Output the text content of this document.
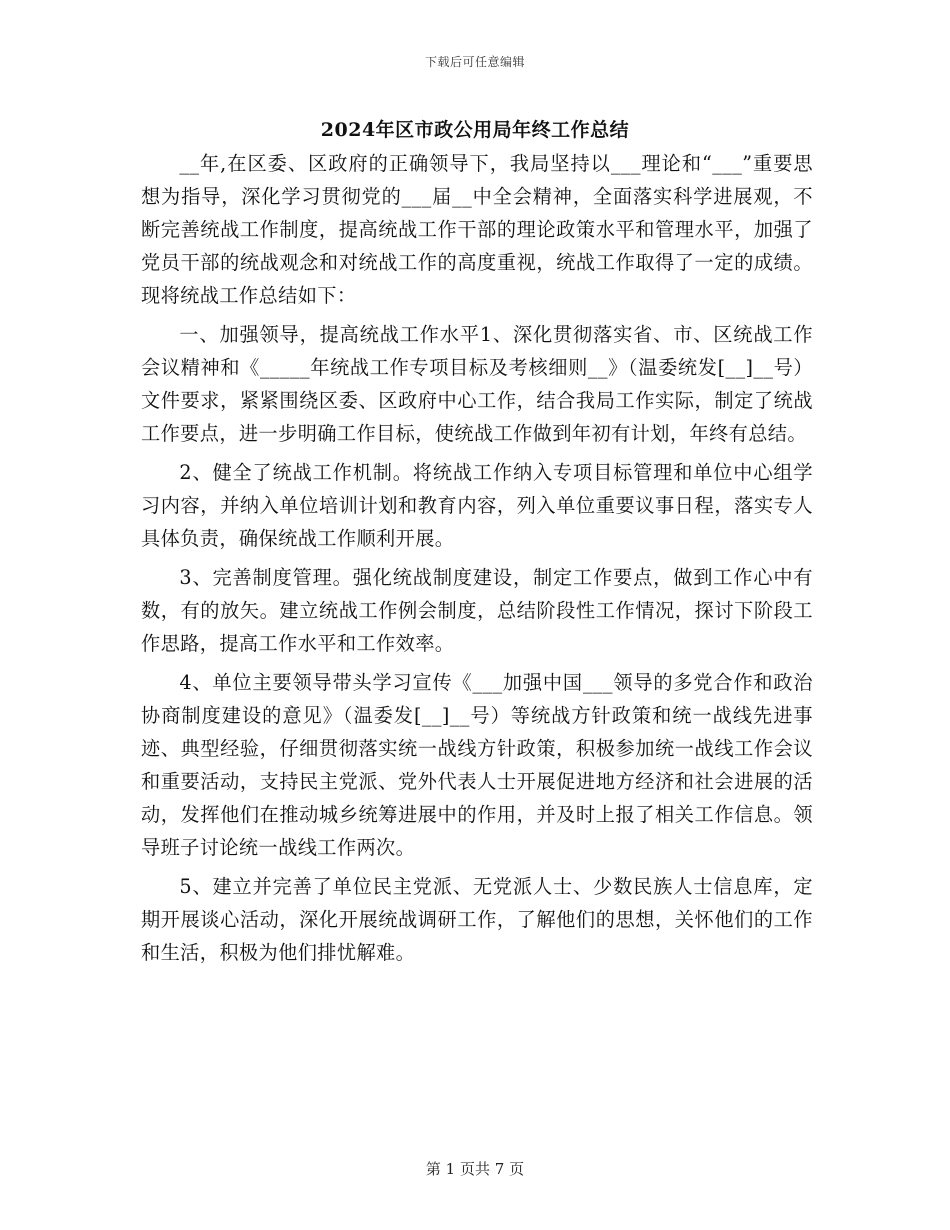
下载后可任意编辑
2024年区市政公用局年终工作总结

__年,在区委、区政府的正确领导下，我局坚持以___理论和“___”重要思想为指导，深化学习贯彻党的___届__中全会精神，全面落实科学进展观，不断完善统战工作制度，提高统战工作干部的理论政策水平和管理水平，加强了党员干部的统战观念和对统战工作的高度重视，统战工作取得了一定的成绩。现将统战工作总结如下：

一、加强领导，提高统战工作水平1、深化贯彻落实省、市、区统战工作会议精神和《_____年统战工作专项目标及考核细则__》（温委统发[__]__号）文件要求，紧紧围绕区委、区政府中心工作，结合我局工作实际，制定了统战工作要点，进一步明确工作目标，使统战工作做到年初有计划，年终有总结。

2、健全了统战工作机制。将统战工作纳入专项目标管理和单位中心组学习内容，并纳入单位培训计划和教育内容，列入单位重要议事日程，落实专人具体负责，确保统战工作顺利开展。

3、完善制度管理。强化统战制度建设，制定工作要点，做到工作心中有数，有的放矢。建立统战工作例会制度，总结阶段性工作情况，探讨下阶段工作思路，提高工作水平和工作效率。

4、单位主要领导带头学习宣传《___加强中国___领导的多党合作和政治协商制度建设的意见》（温委发[__]__号）等统战方针政策和统一战线先进事迹、典型经验，仔细贯彻落实统一战线方针政策，积极参加统一战线工作会议和重要活动，支持民主党派、党外代表人士开展促进地方经济和社会进展的活动，发挥他们在推动城乡统筹进展中的作用，并及时上报了相关工作信息。领导班子讨论统一战线工作两次。

5、建立并完善了单位民主党派、无党派人士、少数民族人士信息库，定期开展谈心活动，深化开展统战调研工作，了解他们的思想，关怀他们的工作和生活，积极为他们排忧解难。

第 1 页共 7 页
